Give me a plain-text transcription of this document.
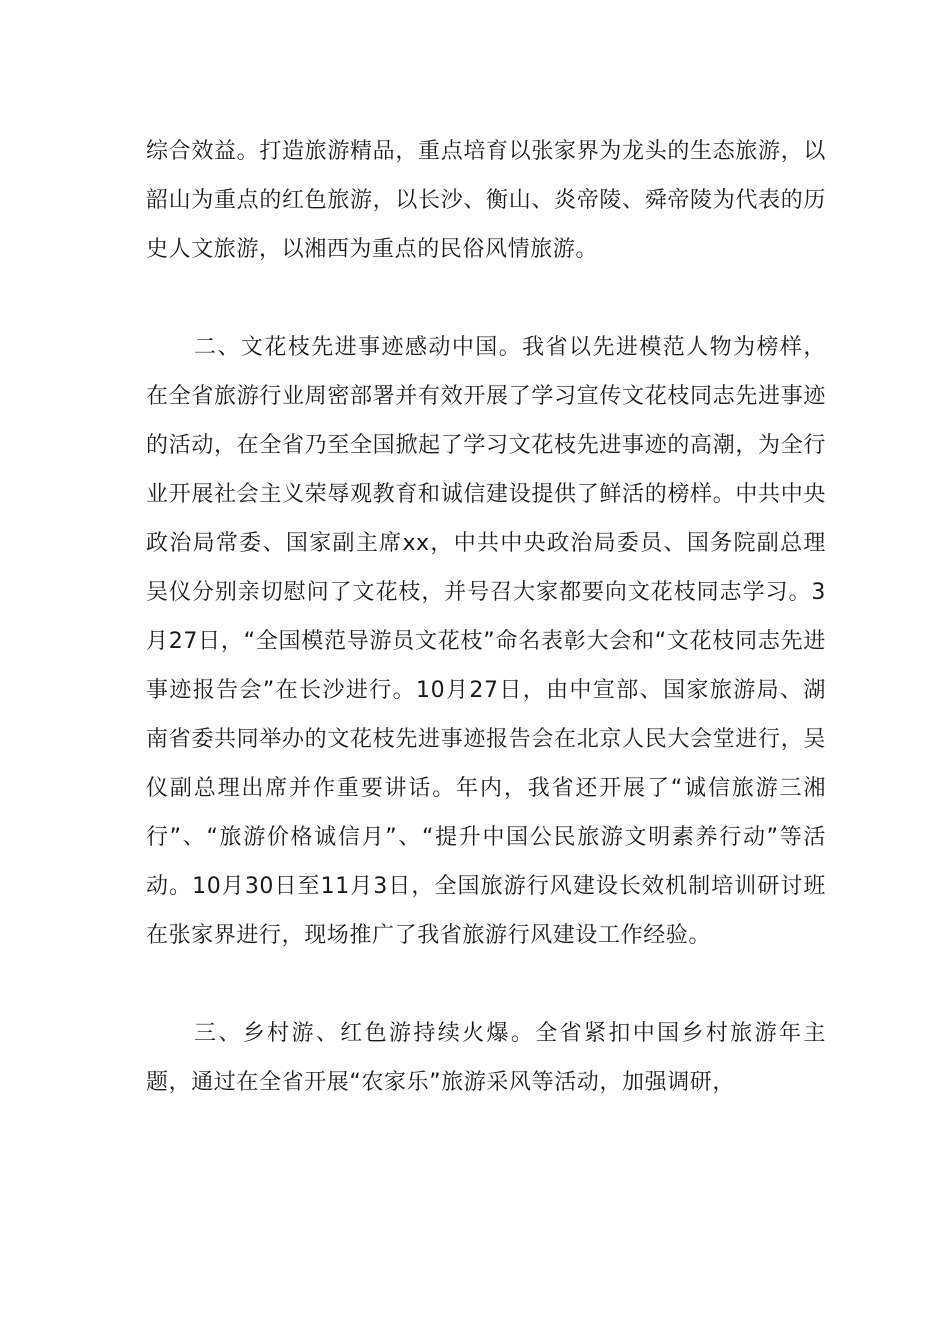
综合效益。打造旅游精品，重点培育以张家界为龙头的生态旅游，以韶山为重点的红色旅游，以长沙、衡山、炎帝陵、舜帝陵为代表的历史人文旅游，以湘西为重点的民俗风情旅游。

二、文花枝先进事迹感动中国。我省以先进模范人物为榜样，在全省旅游行业周密部署并有效开展了学习宣传文花枝同志先进事迹的活动，在全省乃至全国掀起了学习文花枝先进事迹的高潮，为全行业开展社会主义荣辱观教育和诚信建设提供了鲜活的榜样。中共中央政治局常委、国家副主席xx，中共中央政治局委员、国务院副总理吴仪分别亲切慰问了文花枝，并号召大家都要向文花枝同志学习。3月27日，“全国模范导游员文花枝”命名表彰大会和“文花枝同志先进事迹报告会”在长沙进行。10月27日，由中宣部、国家旅游局、湖南省委共同举办的文花枝先进事迹报告会在北京人民大会堂进行，吴仪副总理出席并作重要讲话。年内，我省还开展了“诚信旅游三湘行”、“旅游价格诚信月”、“提升中国公民旅游文明素养行动”等活动。10月30日至11月3日，全国旅游行风建设长效机制培训研讨班在张家界进行，现场推广了我省旅游行风建设工作经验。

三、乡村游、红色游持续火爆。全省紧扣中国乡村旅游年主题，通过在全省开展“农家乐”旅游采风等活动，加强调研，
